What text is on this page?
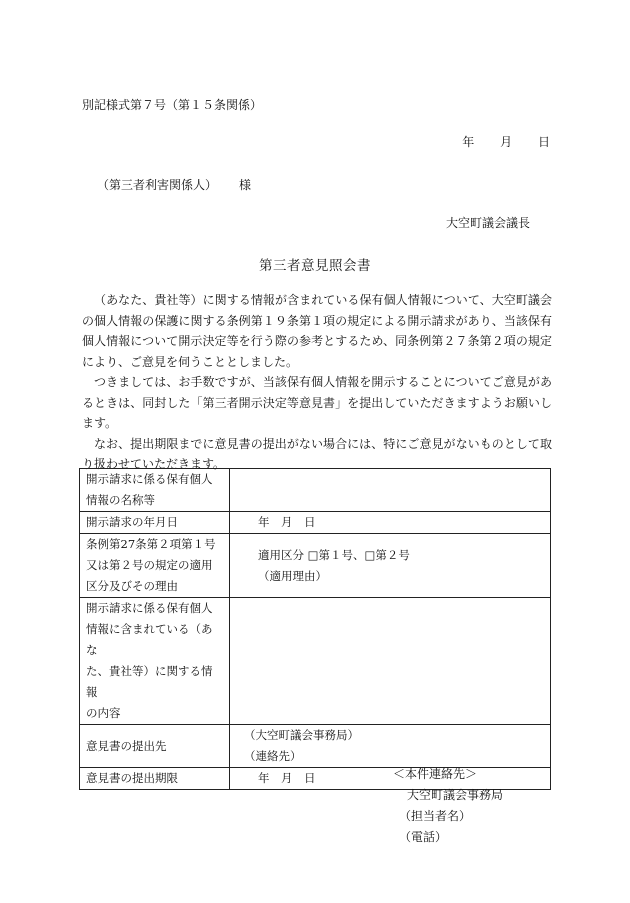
別記様式第７号（第１５条関係）
年 月 日
（第三者利害関係人） 様
大空町議会議長
第三者意見照会書

（あなた、貴社等）に関する情報が含まれている保有個人情報について、大空町議会の個人情報の保護に関する条例第１９条第１項の規定による開示請求があり、当該保有個人情報について開示決定等を行う際の参考とするため、同条例第２７条第２項の規定により、ご意見を伺うこととしました。

つきましては、お手数ですが、当該保有個人情報を開示することについてご意見があるときは、同封した「第三者開示決定等意見書」を提出していただきますようお願いします。

なお、提出期限までに意見書の提出がない場合には、特にご意見がないものとして取り扱わせていただきます。

開示請求に係る保有個人
情報の名称等	

開示請求の年月日	年　月　日

条例第27条第２項第１号
又は第２号の規定の適用
区分及びその理由	適用区分 □第１号、□第２号
（適用理由）

開示請求に係る保有個人
情報に含まれている（あな
た、貴社等）に関する情報
の内容	

意見書の提出先	（大空町議会事務局）
（連絡先）

意見書の提出期限	年　月　日	＜本件連絡先＞
大空町議会事務局
（担当者名）
（電話）
